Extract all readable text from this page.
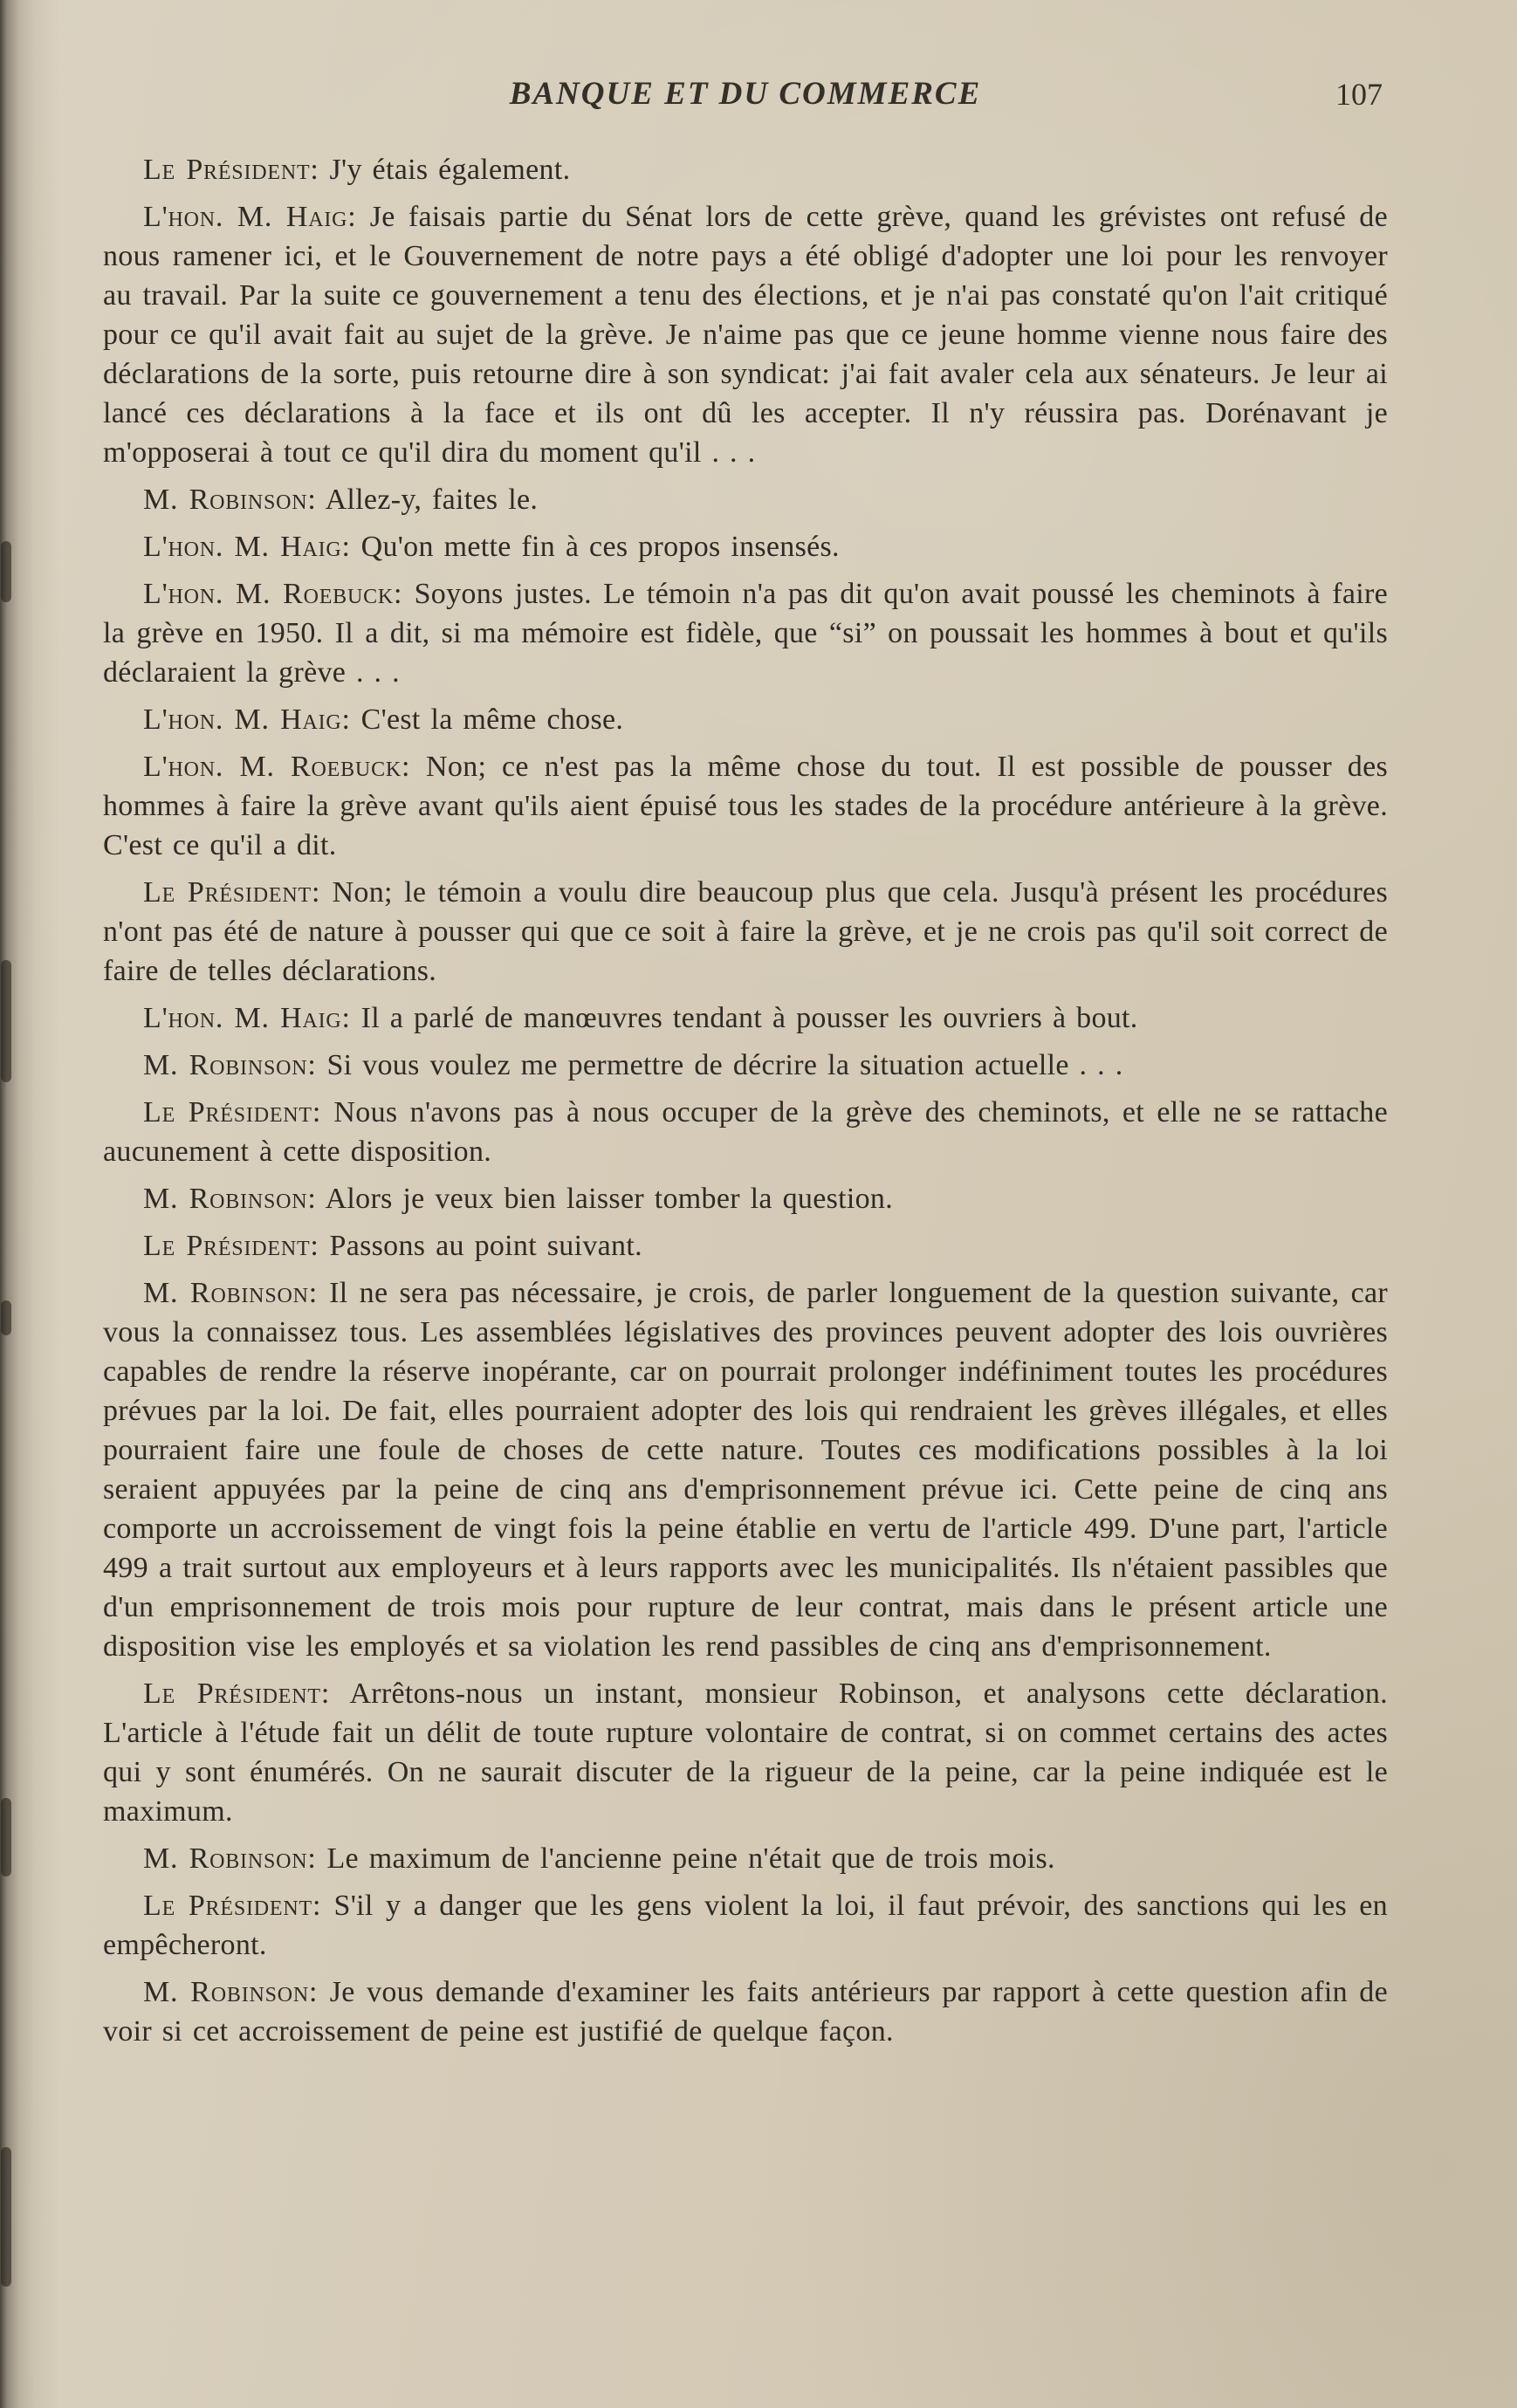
BANQUE ET DU COMMERCE	107

Le Président: J'y étais également.

L'hon. M. Haig: Je faisais partie du Sénat lors de cette grève, quand les grévistes ont refusé de nous ramener ici, et le Gouvernement de notre pays a été obligé d'adopter une loi pour les renvoyer au travail. Par la suite ce gouvernement a tenu des élections, et je n'ai pas constaté qu'on l'ait critiqué pour ce qu'il avait fait au sujet de la grève. Je n'aime pas que ce jeune homme vienne nous faire des déclarations de la sorte, puis retourne dire à son syndicat: j'ai fait avaler cela aux sénateurs. Je leur ai lancé ces déclarations à la face et ils ont dû les accepter. Il n'y réussira pas. Dorénavant je m'opposerai à tout ce qu'il dira du moment qu'il . . .

M. Robinson: Allez-y, faites le.

L'hon. M. Haig: Qu'on mette fin à ces propos insensés.

L'hon. M. Roebuck: Soyons justes. Le témoin n'a pas dit qu'on avait poussé les cheminots à faire la grève en 1950. Il a dit, si ma mémoire est fidèle, que “si” on poussait les hommes à bout et qu'ils déclaraient la grève . . .

L'hon. M. Haig: C'est la même chose.

L'hon. M. Roebuck: Non; ce n'est pas la même chose du tout. Il est possible de pousser des hommes à faire la grève avant qu'ils aient épuisé tous les stades de la procédure antérieure à la grève. C'est ce qu'il a dit.

Le Président: Non; le témoin a voulu dire beaucoup plus que cela. Jusqu'à présent les procédures n'ont pas été de nature à pousser qui que ce soit à faire la grève, et je ne crois pas qu'il soit correct de faire de telles déclarations.

L'hon. M. Haig: Il a parlé de manœuvres tendant à pousser les ouvriers à bout.

M. Robinson: Si vous voulez me permettre de décrire la situation actuelle . . .

Le Président: Nous n'avons pas à nous occuper de la grève des cheminots, et elle ne se rattache aucunement à cette disposition.

M. Robinson: Alors je veux bien laisser tomber la question.

Le Président: Passons au point suivant.

M. Robinson: Il ne sera pas nécessaire, je crois, de parler longuement de la question suivante, car vous la connaissez tous. Les assemblées législatives des provinces peuvent adopter des lois ouvrières capables de rendre la réserve inopérante, car on pourrait prolonger indéfiniment toutes les procédures prévues par la loi. De fait, elles pourraient adopter des lois qui rendraient les grèves illégales, et elles pourraient faire une foule de choses de cette nature. Toutes ces modifications possibles à la loi seraient appuyées par la peine de cinq ans d'emprisonnement prévue ici. Cette peine de cinq ans comporte un accroissement de vingt fois la peine établie en vertu de l'article 499. D'une part, l'article 499 a trait surtout aux employeurs et à leurs rapports avec les municipalités. Ils n'étaient passibles que d'un emprisonnement de trois mois pour rupture de leur contrat, mais dans le présent article une disposition vise les employés et sa violation les rend passibles de cinq ans d'emprisonnement.

Le Président: Arrêtons-nous un instant, monsieur Robinson, et analysons cette déclaration. L'article à l'étude fait un délit de toute rupture volontaire de contrat, si on commet certains des actes qui y sont énumérés. On ne saurait discuter de la rigueur de la peine, car la peine indiquée est le maximum.

M. Robinson: Le maximum de l'ancienne peine n'était que de trois mois.

Le Président: S'il y a danger que les gens violent la loi, il faut prévoir, des sanctions qui les en empêcheront.

M. Robinson: Je vous demande d'examiner les faits antérieurs par rapport à cette question afin de voir si cet accroissement de peine est justifié de quelque façon.
